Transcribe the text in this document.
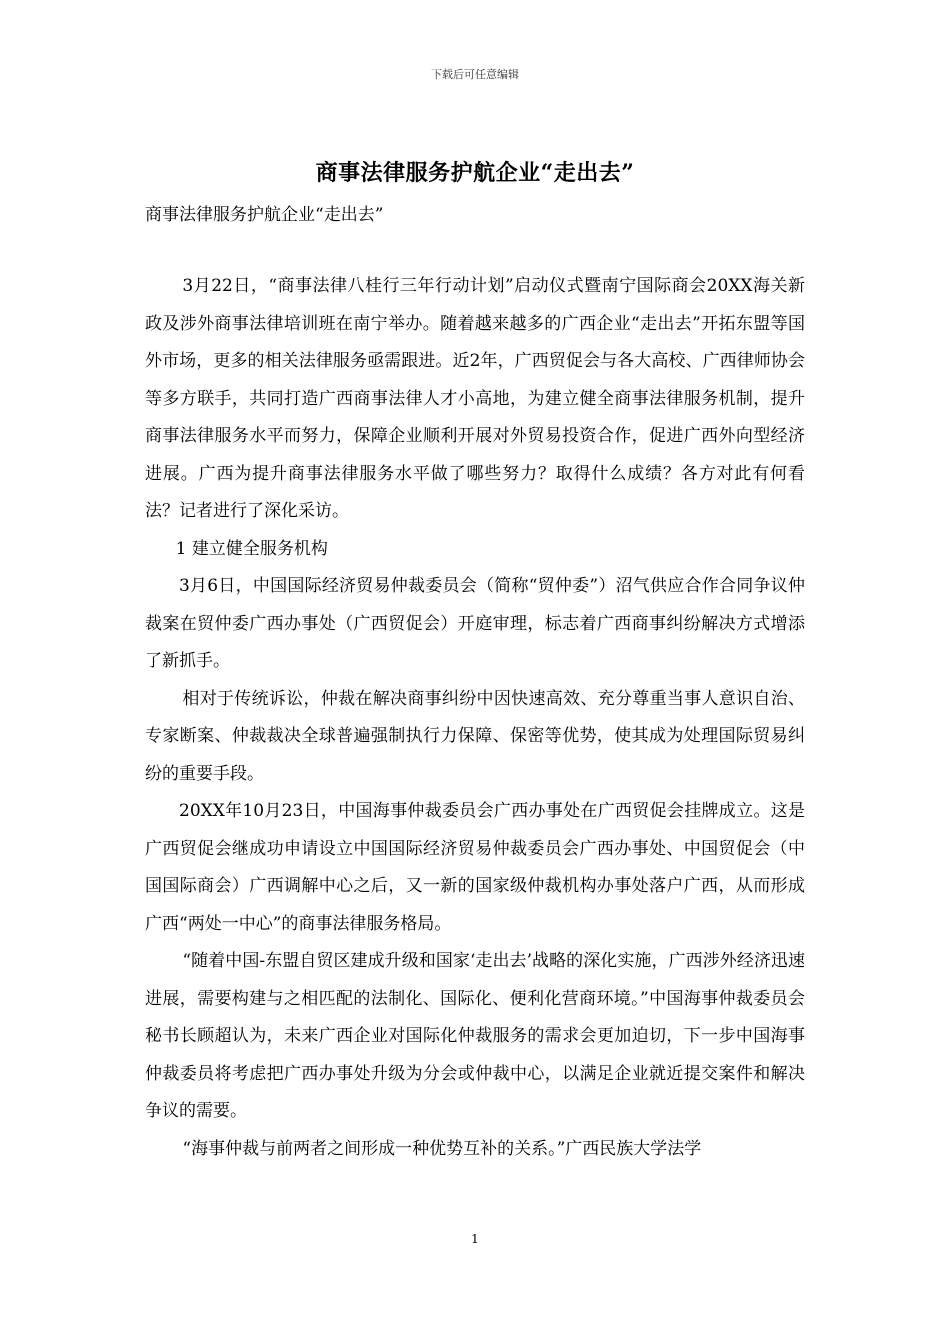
下载后可任意编辑
商事法律服务护航企业“走出去”
商事法律服务护航企业“走出去”

3月22日，“商事法律八桂行三年行动计划”启动仪式暨南宁国际商会20XX海关新政及涉外商事法律培训班在南宁举办。随着越来越多的广西企业“走出去”开拓东盟等国外市场，更多的相关法律服务亟需跟进。近2年，广西贸促会与各大高校、广西律师协会等多方联手，共同打造广西商事法律人才小高地，为建立健全商事法律服务机制，提升商事法律服务水平而努力，保障企业顺利开展对外贸易投资合作，促进广西外向型经济进展。广西为提升商事法律服务水平做了哪些努力？取得什么成绩？各方对此有何看法？记者进行了深化采访。

1 建立健全服务机构

3月6日，中国国际经济贸易仲裁委员会（简称“贸仲委”）沼气供应合作合同争议仲裁案在贸仲委广西办事处（广西贸促会）开庭审理，标志着广西商事纠纷解决方式增添了新抓手。

相对于传统诉讼，仲裁在解决商事纠纷中因快速高效、充分尊重当事人意识自治、专家断案、仲裁裁决全球普遍强制执行力保障、保密等优势，使其成为处理国际贸易纠纷的重要手段。

20XX年10月23日，中国海事仲裁委员会广西办事处在广西贸促会挂牌成立。这是广西贸促会继成功申请设立中国国际经济贸易仲裁委员会广西办事处、中国贸促会（中国国际商会）广西调解中心之后，又一新的国家级仲裁机构办事处落户广西，从而形成广西“两处一中心”的商事法律服务格局。

“随着中国-东盟自贸区建成升级和国家‘走出去’战略的深化实施，广西涉外经济迅速进展，需要构建与之相匹配的法制化、国际化、便利化营商环境。”中国海事仲裁委员会秘书长顾超认为，未来广西企业对国际化仲裁服务的需求会更加迫切，下一步中国海事仲裁委员将考虑把广西办事处升级为分会或仲裁中心，以满足企业就近提交案件和解决争议的需要。

“海事仲裁与前两者之间形成一种优势互补的关系。”广西民族大学法学

1
